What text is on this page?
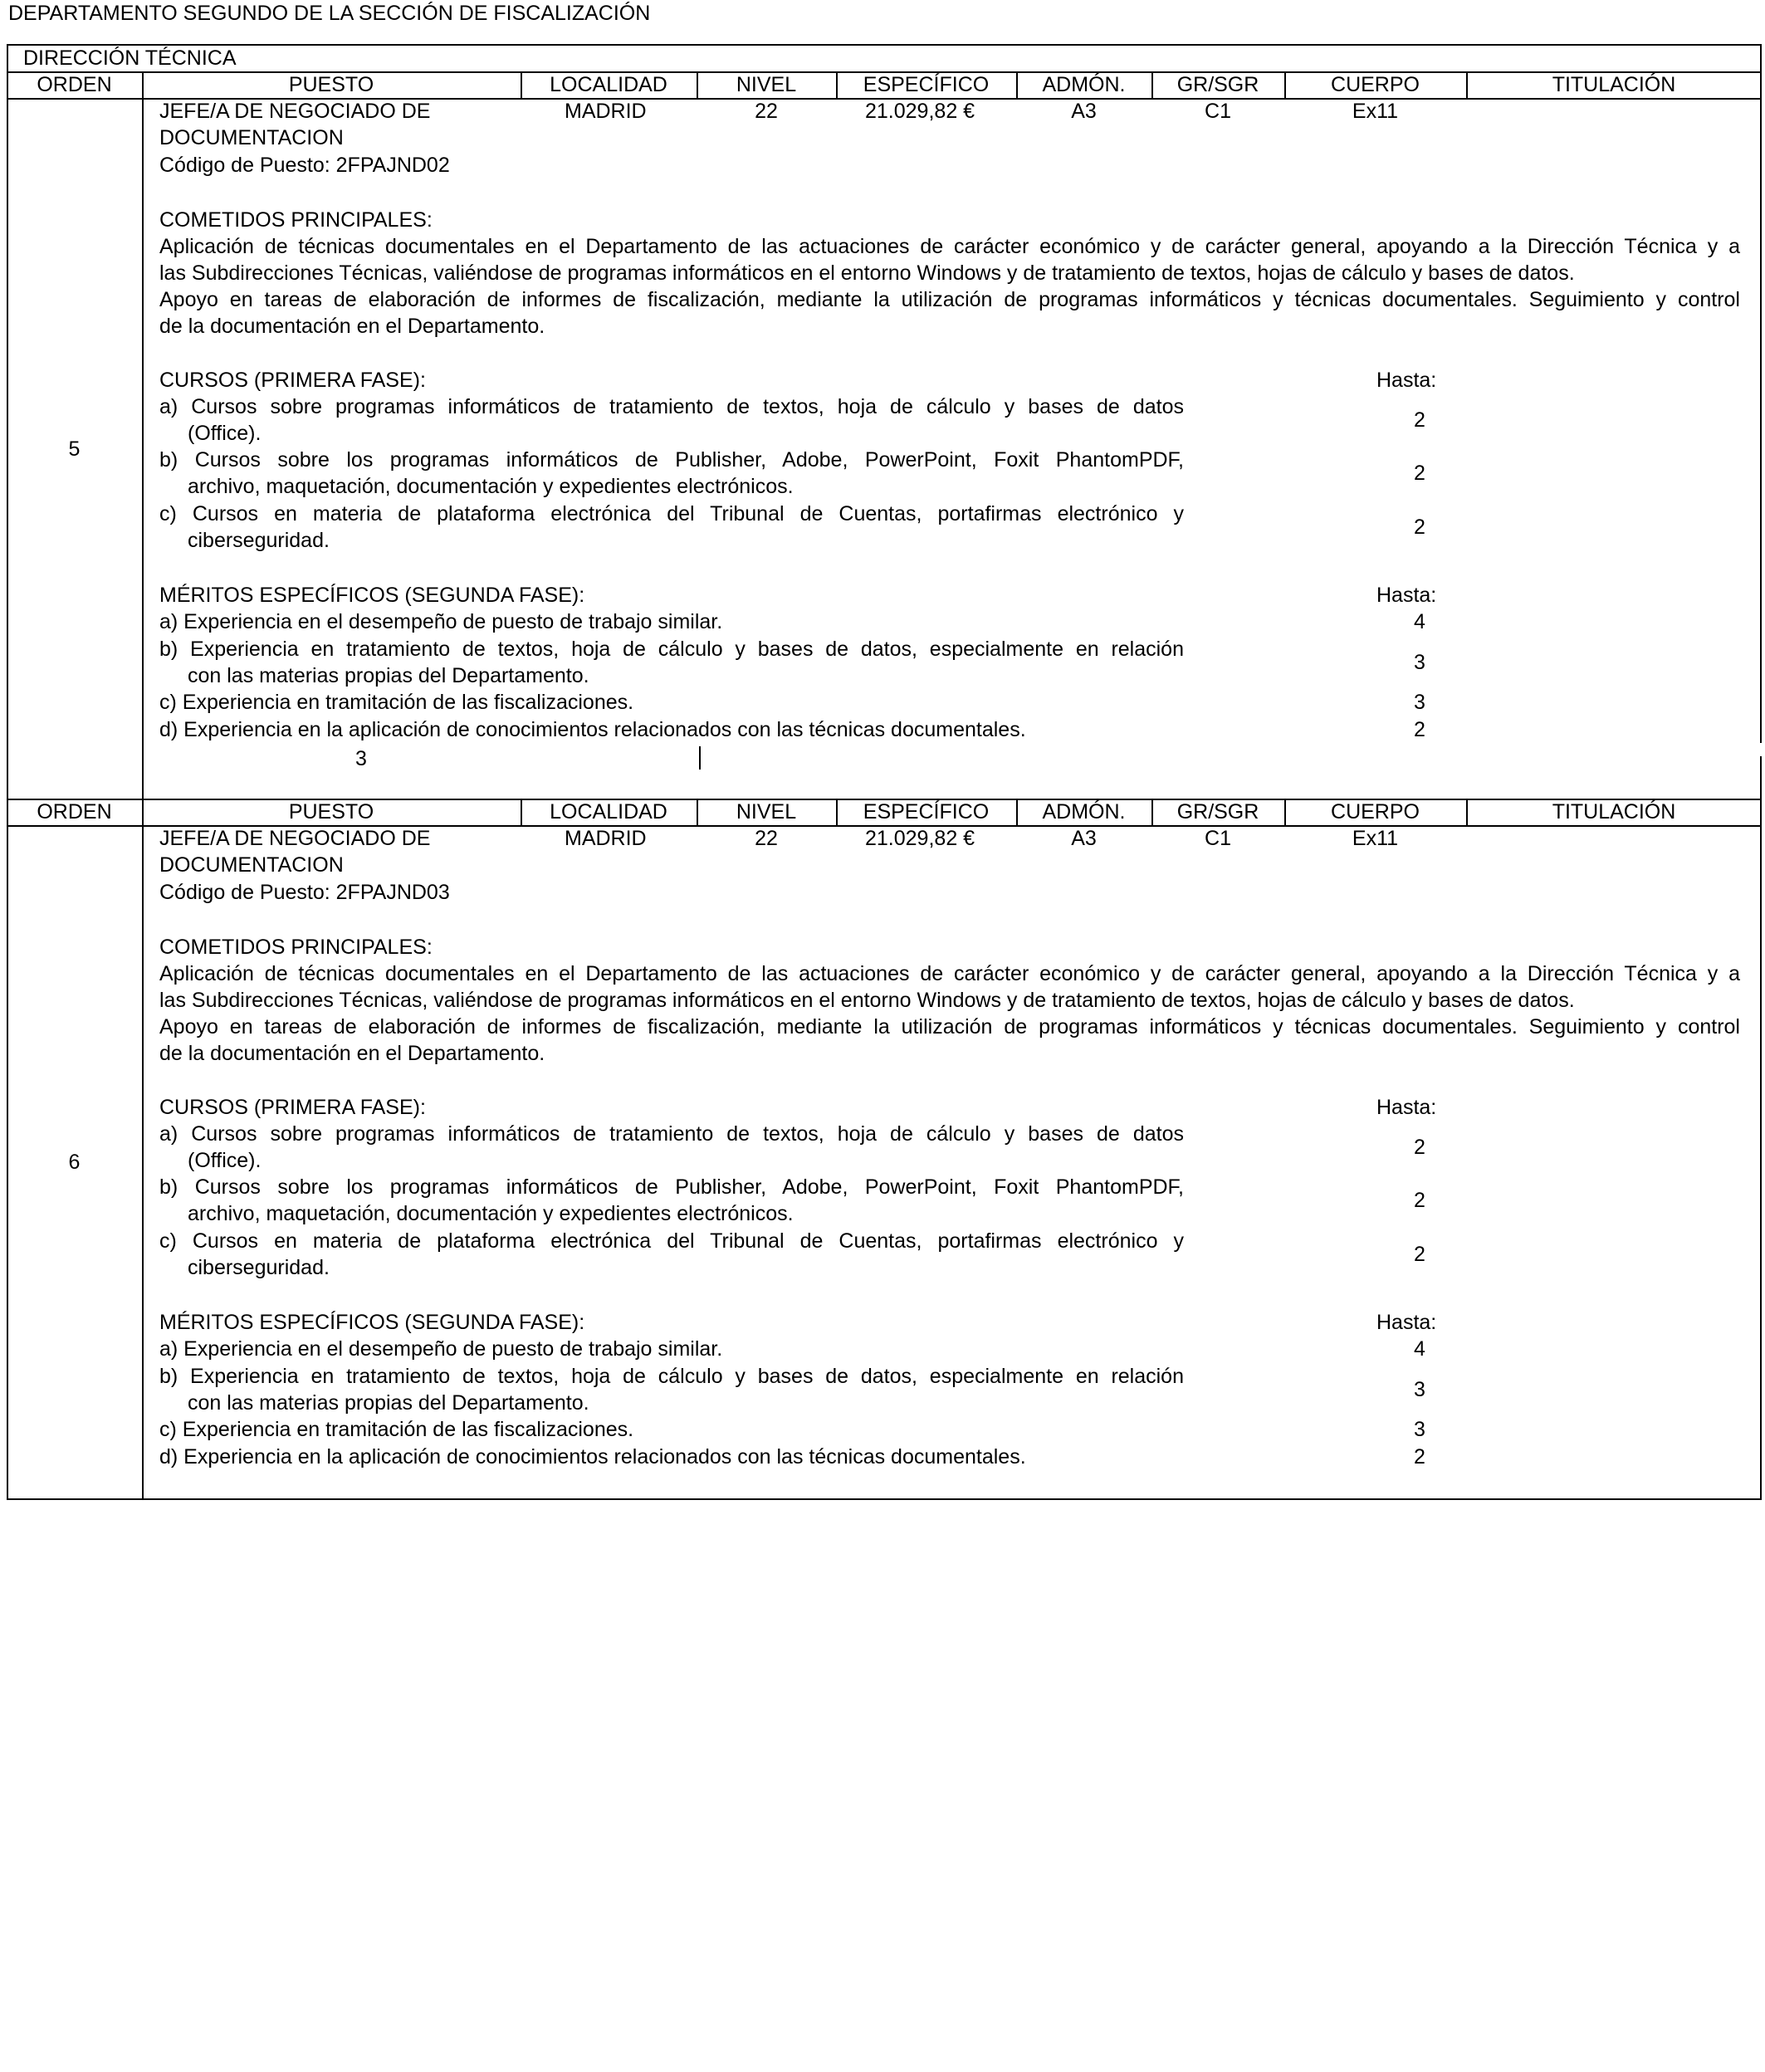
DEPARTAMENTO SEGUNDO DE LA SECCIÓN DE FISCALIZACIÓN
DIRECCIÓN TÉCNICA
ORDEN	PUESTO	LOCALIDAD	NIVEL	ESPECÍFICO	ADMÓN.	GR/SGR	CUERPO	TITULACIÓN
5
JEFE/A DE NEGOCIADO DE
DOCUMENTACION
Código de Puesto: 2FPAJND02
MADRID	22	21.029,82 €	A3	C1	Ex11
COMETIDOS PRINCIPALES:
Aplicación de técnicas documentales en el Departamento de las actuaciones de carácter económico y de carácter general, apoyando a la Dirección Técnica y a
las Subdirecciones Técnicas, valiéndose de programas informáticos en el entorno Windows y de tratamiento de textos, hojas de cálculo y bases de datos.
Apoyo en tareas de elaboración de informes de fiscalización, mediante la utilización de programas informáticos y técnicas documentales. Seguimiento y control
de la documentación en el Departamento.
CURSOS (PRIMERA FASE):	Hasta:
a) Cursos sobre programas informáticos de tratamiento de textos, hoja de cálculo y bases de datos
(Office).
2
b) Cursos sobre los programas informáticos de Publisher, Adobe, PowerPoint, Foxit PhantomPDF,
archivo, maquetación, documentación y expedientes electrónicos.
2
c) Cursos en materia de plataforma electrónica del Tribunal de Cuentas, portafirmas electrónico y
ciberseguridad.
2
MÉRITOS ESPECÍFICOS (SEGUNDA FASE):	Hasta:
a) Experiencia en el desempeño de puesto de trabajo similar.	4
b) Experiencia en tratamiento de textos, hoja de cálculo y bases de datos, especialmente en relación
con las materias propias del Departamento.
3
c) Experiencia en tramitación de las fiscalizaciones.	3
d) Experiencia en la aplicación de conocimientos relacionados con las técnicas documentales.	2
3
ORDEN	PUESTO	LOCALIDAD	NIVEL	ESPECÍFICO	ADMÓN.	GR/SGR	CUERPO	TITULACIÓN
6
JEFE/A DE NEGOCIADO DE
DOCUMENTACION
Código de Puesto: 2FPAJND03
MADRID	22	21.029,82 €	A3	C1	Ex11
COMETIDOS PRINCIPALES:
Aplicación de técnicas documentales en el Departamento de las actuaciones de carácter económico y de carácter general, apoyando a la Dirección Técnica y a
las Subdirecciones Técnicas, valiéndose de programas informáticos en el entorno Windows y de tratamiento de textos, hojas de cálculo y bases de datos.
Apoyo en tareas de elaboración de informes de fiscalización, mediante la utilización de programas informáticos y técnicas documentales. Seguimiento y control
de la documentación en el Departamento.
CURSOS (PRIMERA FASE):	Hasta:
a) Cursos sobre programas informáticos de tratamiento de textos, hoja de cálculo y bases de datos
(Office).
2
b) Cursos sobre los programas informáticos de Publisher, Adobe, PowerPoint, Foxit PhantomPDF,
archivo, maquetación, documentación y expedientes electrónicos.
2
c) Cursos en materia de plataforma electrónica del Tribunal de Cuentas, portafirmas electrónico y
ciberseguridad.
2
MÉRITOS ESPECÍFICOS (SEGUNDA FASE):	Hasta:
a) Experiencia en el desempeño de puesto de trabajo similar.	4
b) Experiencia en tratamiento de textos, hoja de cálculo y bases de datos, especialmente en relación
con las materias propias del Departamento.
3
c) Experiencia en tramitación de las fiscalizaciones.	3
d) Experiencia en la aplicación de conocimientos relacionados con las técnicas documentales.	2
